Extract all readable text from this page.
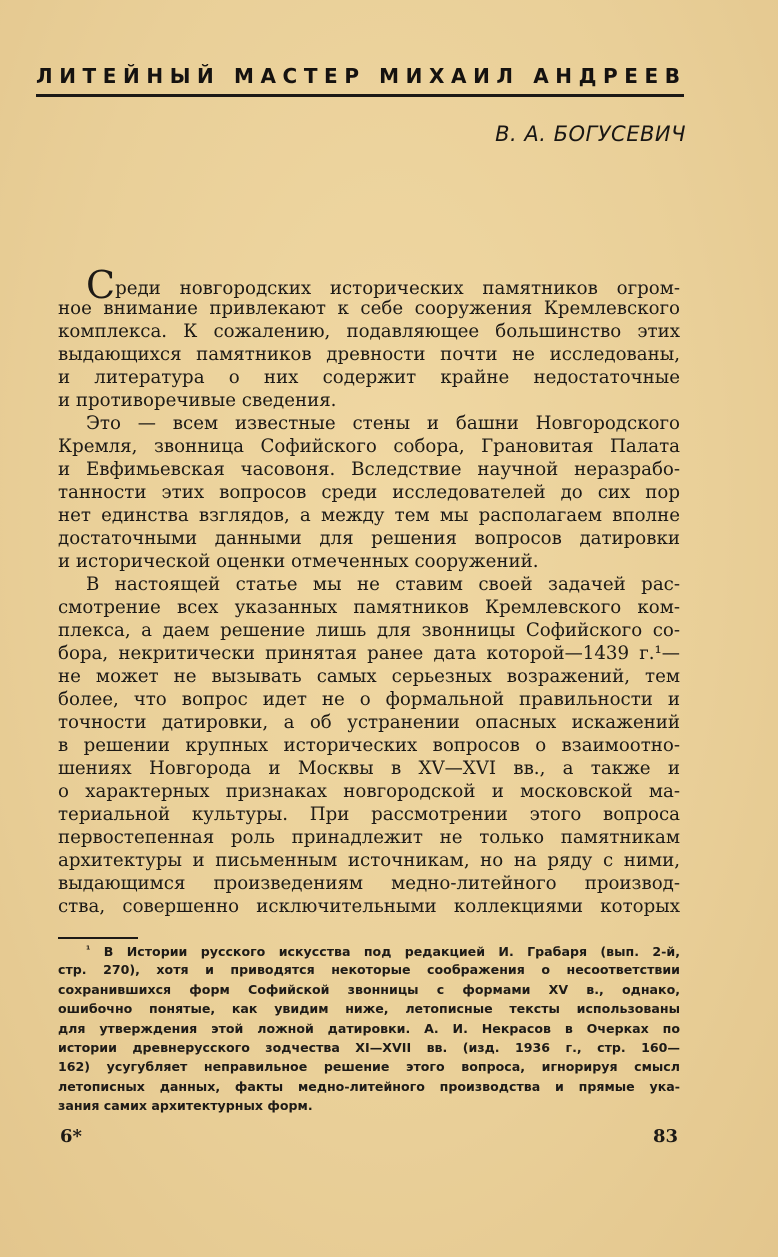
ЛИТЕЙНЫЙ МАСТЕР МИХАИЛ АНДРЕЕВ
В. А. БОГУСЕВИЧ
Среди новгородских исторических памятников огром-
ное внимание привлекают к себе сооружения Кремлевского
комплекса. К сожалению, подавляющее большинство этих
выдающихся памятников древности почти не исследованы,
и литература о них содержит крайне недостаточные
и противоречивые сведения.
Это — всем известные стены и башни Новгородского
Кремля, звонница Софийского собора, Грановитая Палата
и Евфимьевская часовоня. Вследствие научной неразрабо-
танности этих вопросов среди исследователей до сих пор
нет единства взглядов, а между тем мы располагаем вполне
достаточными данными для решения вопросов датировки
и исторической оценки отмеченных сооружений.
В настоящей статье мы не ставим своей задачей рас-
смотрение всех указанных памятников Кремлевского ком-
плекса, а даем решение лишь для звонницы Софийского со-
бора, некритически принятая ранее дата которой—1439 г.¹—
не может не вызывать самых серьезных возражений, тем
более, что вопрос идет не о формальной правильности и
точности датировки, а об устранении опасных искажений
в решении крупных исторических вопросов о взаимоотно-
шениях Новгорода и Москвы в XV—XVI вв., а также и
о характерных признаках новгородской и московской ма-
териальной культуры. При рассмотрении этого вопроса
первостепенная роль принадлежит не только памятникам
архитектуры и письменным источникам, но на ряду с ними,
выдающимся произведениям медно-литейного производ-
ства, совершенно исключительными коллекциями которых
$^{^1}$ В Истории русского искусства под редакцией И. Грабаря (вып. 2-й,
стр. 270), хотя и приводятся некоторые соображения о несоответствии
сохранившихся форм Софийской звонницы с формами XV в., однако,
ошибочно понятые, как увидим ниже, летописные тексты использованы
для утверждения этой ложной датировки. А. И. Некрасов в Очерках по
истории древнерусского зодчества XI—XVII вв. (изд. 1936 г., стр. 160—
162) усугубляет неправильное решение этого вопроса, игнорируя смысл
летописных данных, факты медно-литейного производства и прямые ука-
зания самих архитектурных форм.
6*	83
